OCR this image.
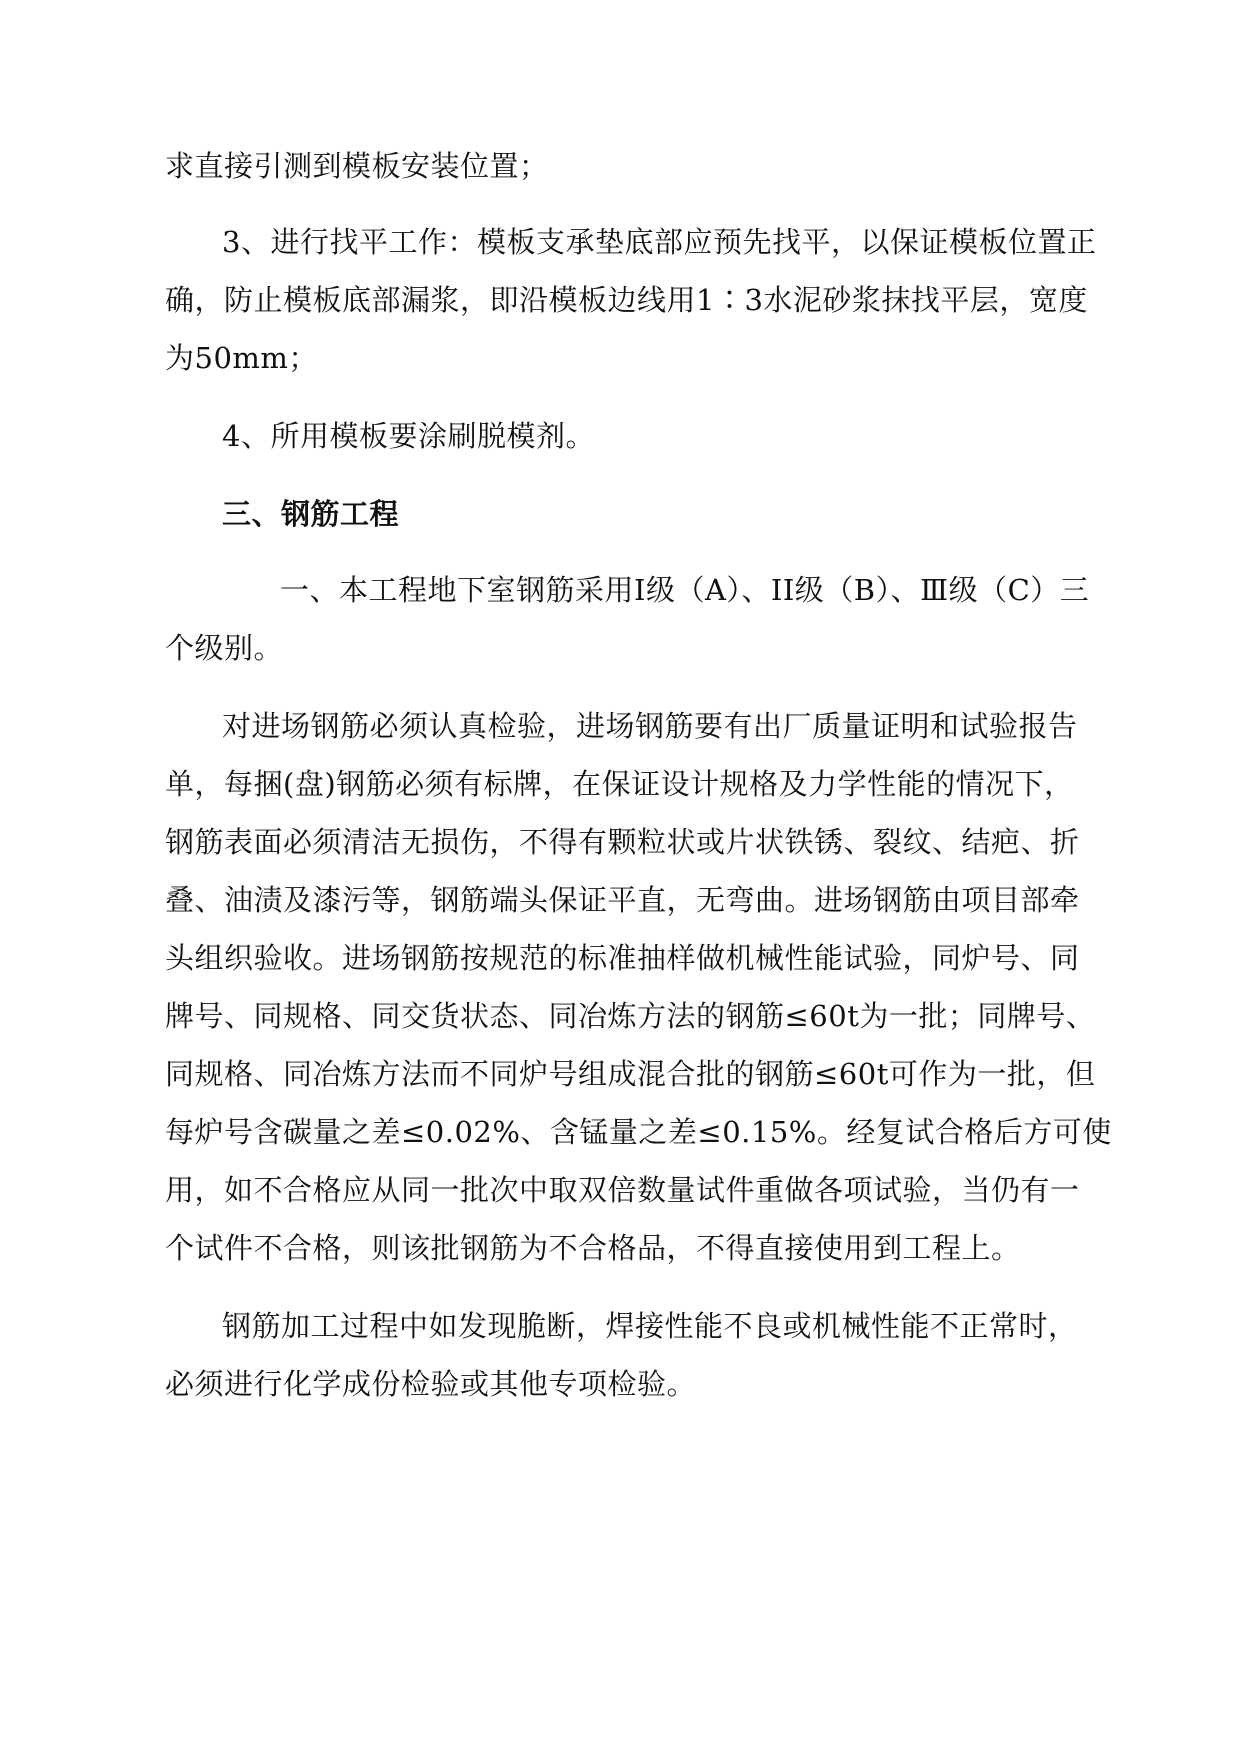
求直接引测到模板安装位置；
3、进行找平工作：模板支承垫底部应预先找平，以保证模板位置正
确，防止模板底部漏浆，即沿模板边线用1∶3水泥砂浆抹找平层，宽度
为50mm；
4、所用模板要涂刷脱模剂。
三、钢筋工程
一、本工程地下室钢筋采用Ⅰ级（A）、II级（B）、Ⅲ级（C）三
个级别。
对进场钢筋必须认真检验，进场钢筋要有出厂质量证明和试验报告
单，每捆(盘)钢筋必须有标牌，在保证设计规格及力学性能的情况下，
钢筋表面必须清洁无损伤，不得有颗粒状或片状铁锈、裂纹、结疤、折
叠、油渍及漆污等，钢筋端头保证平直，无弯曲。进场钢筋由项目部牵
头组织验收。进场钢筋按规范的标准抽样做机械性能试验，同炉号、同
牌号、同规格、同交货状态、同冶炼方法的钢筋≤60t为一批；同牌号、
同规格、同冶炼方法而不同炉号组成混合批的钢筋≤60t可作为一批，但
每炉号含碳量之差≤0.02%、含锰量之差≤0.15%。经复试合格后方可使
用，如不合格应从同一批次中取双倍数量试件重做各项试验，当仍有一
个试件不合格，则该批钢筋为不合格品，不得直接使用到工程上。
钢筋加工过程中如发现脆断，焊接性能不良或机械性能不正常时，
必须进行化学成份检验或其他专项检验。
